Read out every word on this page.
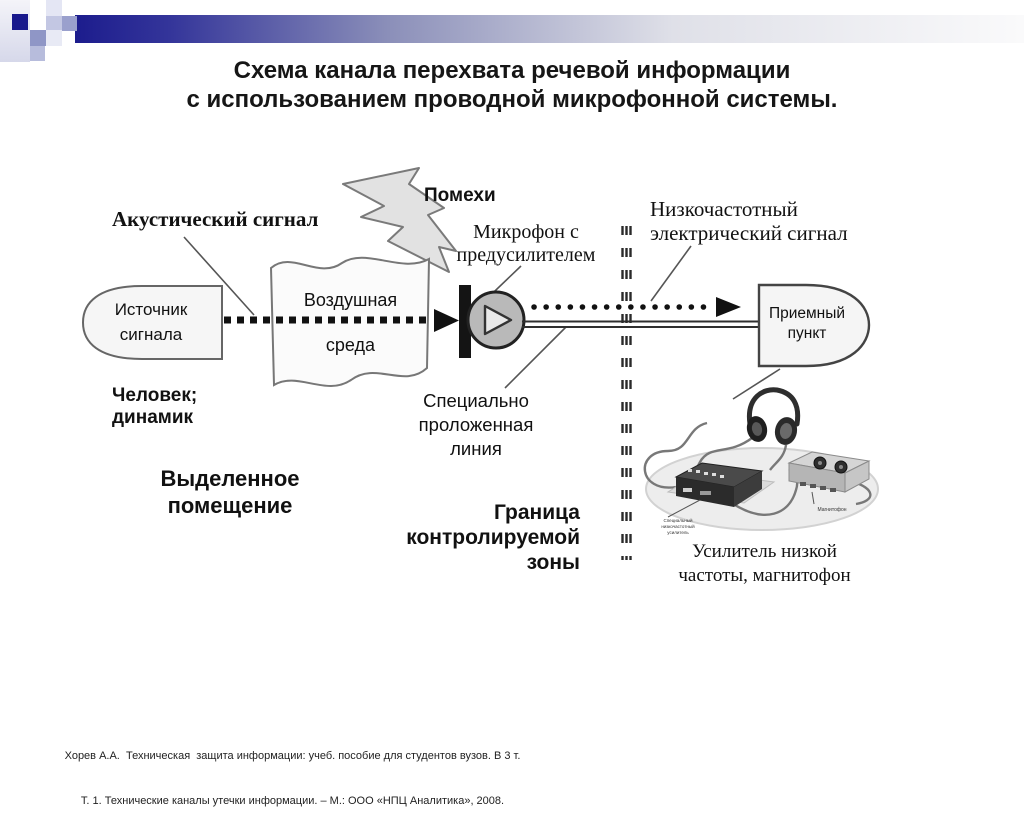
Схема канала перехвата речевой информации
с использованием проводной микрофонной системы.
Специальный
низкочастотный
усилитель
Магнитофон
Акустический сигнал
Помехи
Микрофон с
предусилителем
Низкочастотный
электрический сигнал
Источник
сигнала
Воздушная
среда
Приемный
пункт
Человек;
динамик
Выделенное
помещение
Специально
проложенная
линия
Граница
контролируемой
зоны	Усилитель низкой
частоты, магнитофон

Хорев А.А.  Техническая  защита информации: учеб. пособие для студентов вузов. В 3 т.

Т. 1. Технические каналы утечки информации. – М.: ООО «НПЦ Аналитика», 2008.
